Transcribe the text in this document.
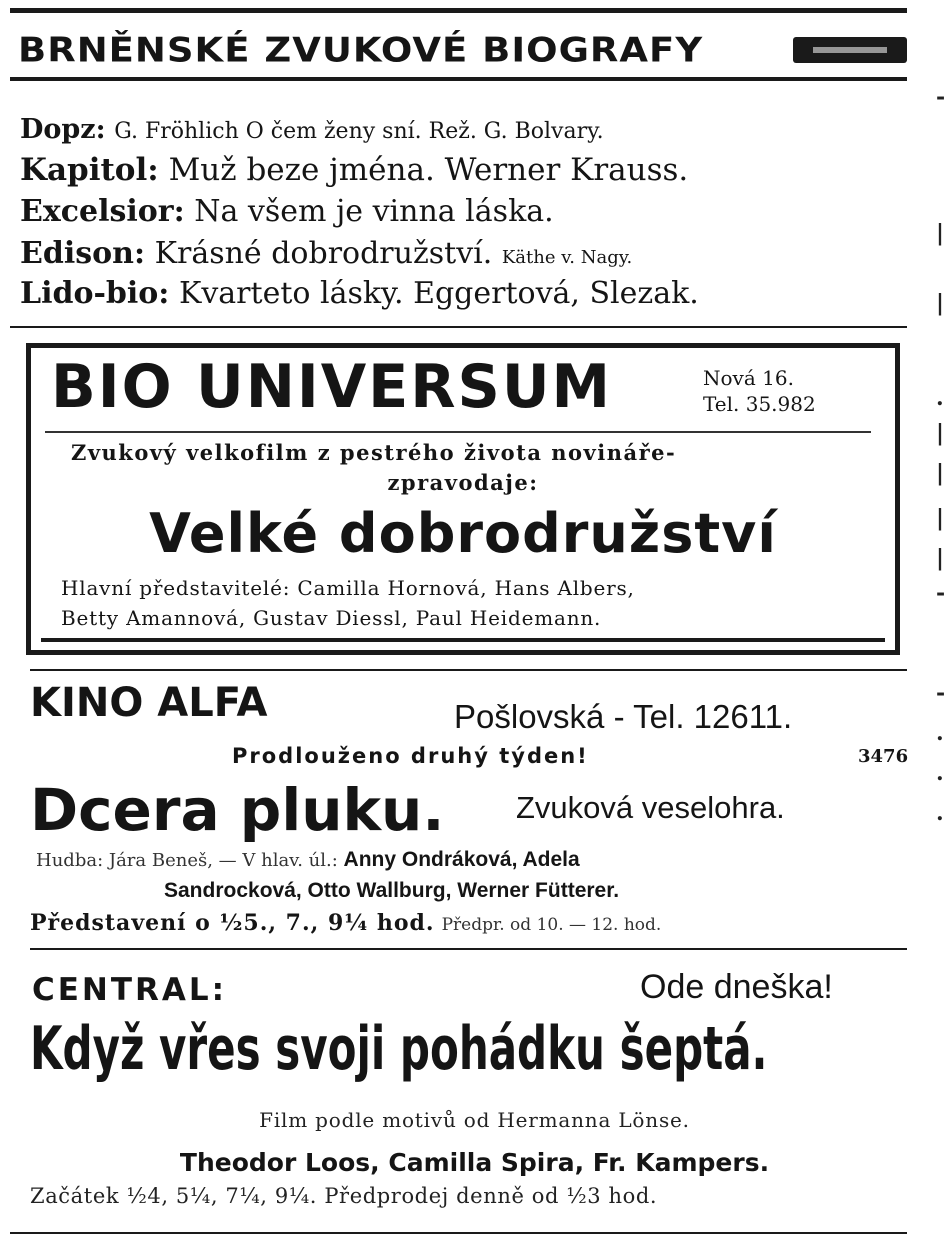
BRNĚNSKÉ ZVUKOVÉ BIOGRAFY
Dopz: G. Fröhlich O čem ženy sní. Rež. G. Bolvary.
Kapitol: Muž beze jména. Werner Krauss.
Excelsior: Na všem je vinna láska.
Edison: Krásné dobrodružství. Käthe v. Nagy.
Lido-bio: Kvarteto lásky. Eggertová, Slezak.
BIO UNIVERSUM	Nová 16.
Tel. 35.982
Zvukový velkofilm z pestrého života novináře-
zpravodaje:
Velké dobrodružství
Hlavní představitelé: Camilla Hornová, Hans Albers,
Betty Amannová, Gustav Diessl, Paul Heidemann.
KINO ALFA	Pošlovská - Tel. 12611.
Prodlouženo druhý týden!	3476
Dcera pluku. Zvuková veselohra.
Hudba: Jára Beneš, — V hlav. úl.: Anny Ondráková, Adela
Sandrocková, Otto Wallburg, Werner Fütterer.
Představení o ½5., 7., 9¼ hod. Předpr. od 10. — 12. hod.
CENTRAL:	Ode dneška!
Když vřes svoji pohádku šeptá.
Film podle motivů od Hermanna Lönse.
Theodor Loos, Camilla Spira, Fr. Kampers.
Začátek ½4, 5¼, 7¼, 9¼. Předprodej denně od ½3 hod.
-
|
|
.
|
|
|
|
-
-
.
.
.
